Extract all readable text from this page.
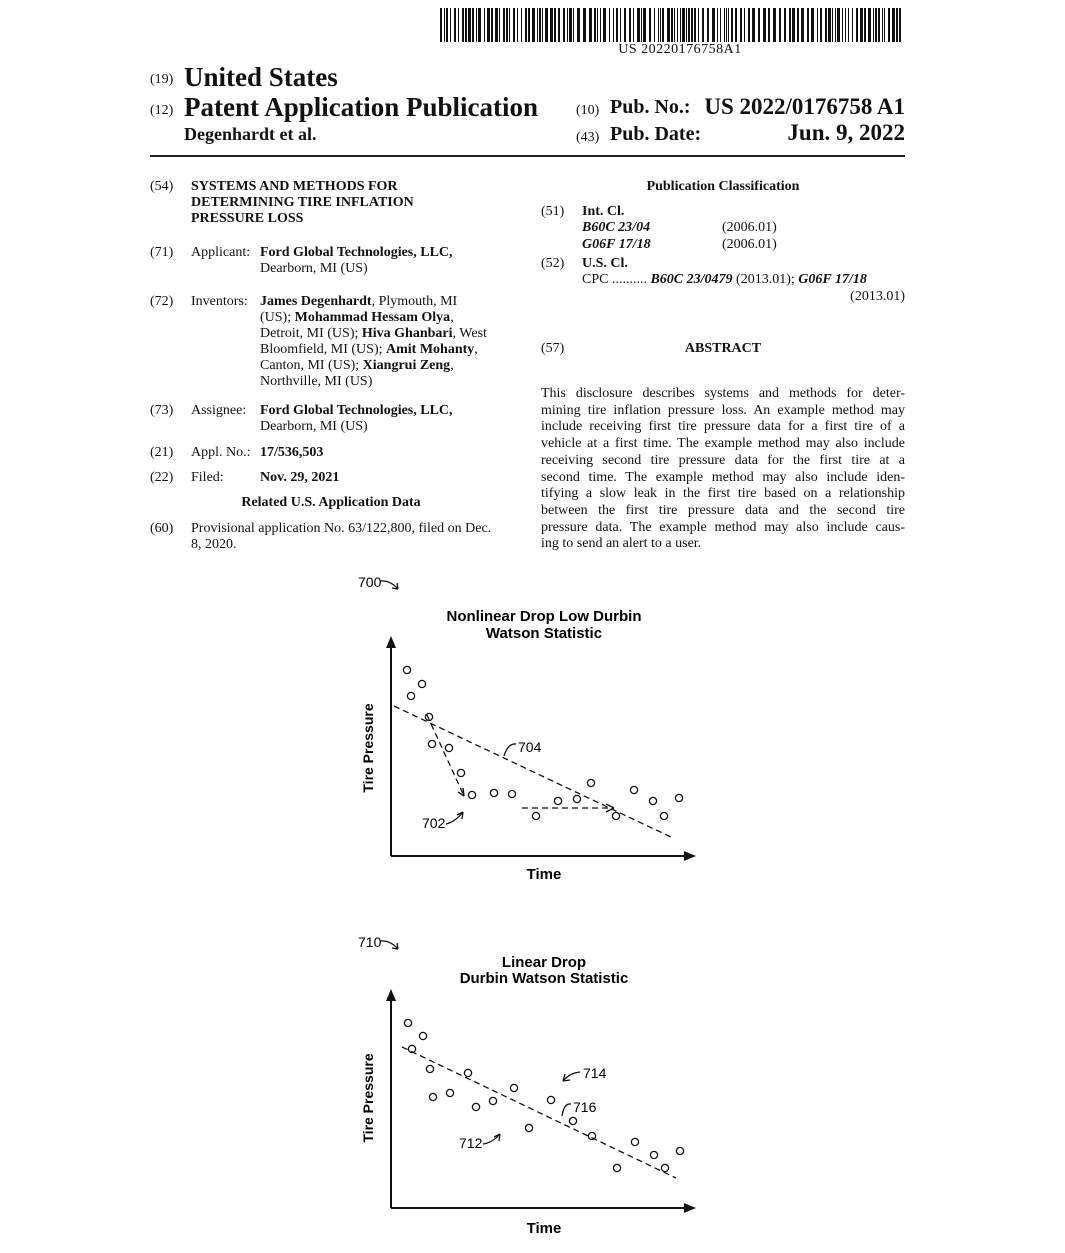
US 20220176758A1
(19) United States
(12) Patent Application Publication
Degenhardt et al.
(10) Pub. No.: US 2022/0176758 A1
(43) Pub. Date:	Jun. 9, 2022
(54) SYSTEMS AND METHODS FOR
DETERMINING TIRE INFLATION
PRESSURE LOSS
(71) Applicant: Ford Global Technologies, LLC,
Dearborn, MI (US)
(72) Inventors: James Degenhardt, Plymouth, MI
(US); Mohammad Hessam Olya,
Detroit, MI (US); Hiva Ghanbari, West
Bloomfield, MI (US); Amit Mohanty,
Canton, MI (US); Xiangrui Zeng,
Northville, MI (US)
(73) Assignee: Ford Global Technologies, LLC,
Dearborn, MI (US)
(21) Appl. No.: 17/536,503
(22) Filed:	Nov. 29, 2021
Related U.S. Application Data
(60) Provisional application No. 63/122,800, filed on Dec.
8, 2020.
Publication Classification
(51) Int. Cl.
B60C 23/04	(2006.01)
G06F 17/18	(2006.01)
(52) U.S. Cl.
CPC .......... B60C 23/0479 (2013.01); G06F 17/18
(2013.01)
(57)	ABSTRACT
This disclosure describes systems and methods for deter-
mining tire inflation pressure loss. An example method may
include receiving first tire pressure data for a first tire of a
vehicle at a first time. The example method may also include
receiving second tire pressure data for the first tire at a
second time. The example method may also include iden-
tifying a slow leak in the first tire based on a relationship
between the first tire pressure data and the second tire
pressure data. The example method may also include caus-
ing to send an alert to a user.
700
Nonlinear Drop Low Durbin
Watson Statistic
Tire Pressure
Time
704
702
710
Linear Drop
Durbin Watson Statistic
Tire Pressure
Time
714
716
712
